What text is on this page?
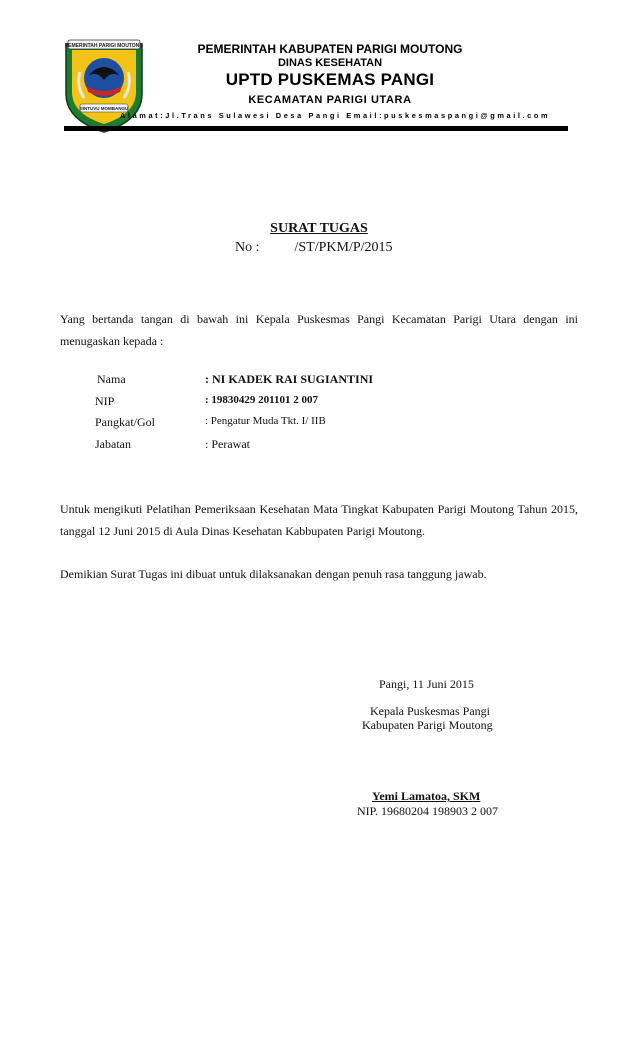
PEMERINTAH PARIGI MOUTONG
SINTUVU MOMBANGU
PEMERINTAH KABUPATEN PARIGI MOUTONG
DINAS KESEHATAN
UPTD PUSKEMAS PANGI
KECAMATAN PARIGI UTARA
Alamat:Jl.Trans Sulawesi Desa Pangi Email:puskesmaspangi@gmail.com
SURAT TUGAS
No :          /ST/PKM/P/2015
Yang bertanda tangan di bawah ini Kepala Puskesmas Pangi Kecamatan Parigi Utara dengan ini menugaskan kepada :
Nama	: NI KADEK RAI SUGIANTINI
NIP	: 19830429 201101 2 007
Pangkat/Gol	: Pengatur Muda Tkt. I/ IIB
Jabatan	: Perawat
Untuk mengikuti Pelatihan Pemeriksaan Kesehatan Mata Tingkat Kabupaten Parigi Moutong Tahun 2015, tanggal 12 Juni 2015 di Aula Dinas Kesehatan Kabbupaten Parigi Moutong.
Demikian Surat Tugas ini dibuat untuk dilaksanakan dengan penuh rasa tanggung jawab.
Pangi, 11 Juni 2015
Kepala Puskesmas Pangi
Kabupaten Parigi Moutong
Yemi Lamatoa, SKM
NIP. 19680204 198903 2 007
